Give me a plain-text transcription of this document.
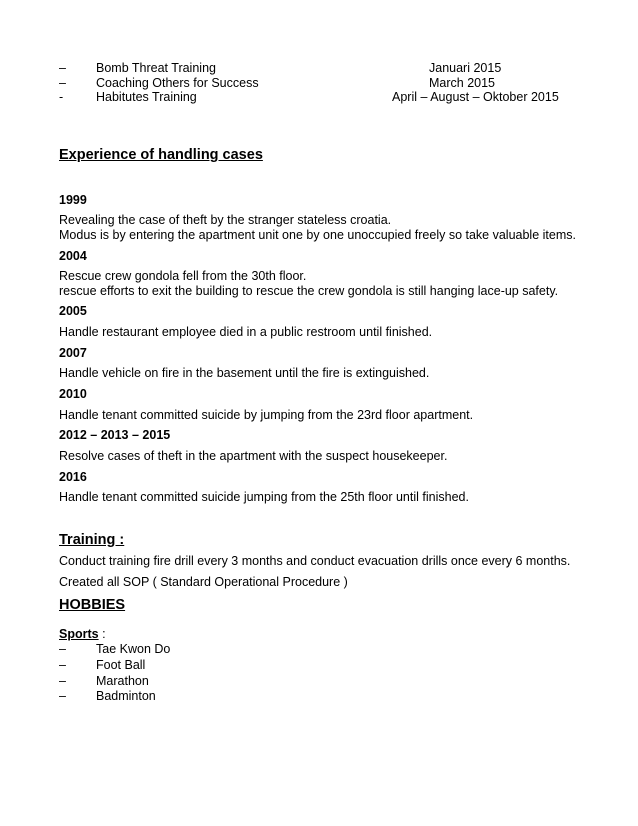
– Bomb Threat Training	Januari 2015
– Coaching Others for Success	March 2015
-	Habitutes Training	April – August – Oktober 2015
Experience of handling cases
1999
Revealing the case of theft by the stranger stateless croatia.
Modus is by entering the apartment unit one by one unoccupied freely so take valuable items.
2004
Rescue crew gondola fell from the 30th floor.
rescue efforts to exit the building to rescue the crew gondola is still hanging lace-up safety.
2005
Handle restaurant employee died in a public restroom until finished.
2007
Handle vehicle on fire in the basement until the fire is extinguished.
2010
Handle tenant committed suicide by jumping from the 23rd floor apartment.
2012 – 2013 – 2015
Resolve cases of theft in the apartment with the suspect housekeeper.
2016
Handle tenant committed suicide jumping from the 25th floor until finished.
Training :
Conduct training fire drill every 3 months and conduct evacuation drills once every 6 months.
Created all SOP ( Standard Operational Procedure )
HOBBIES
Sports :
– Tae Kwon Do
– Foot Ball
– Marathon
– Badminton
